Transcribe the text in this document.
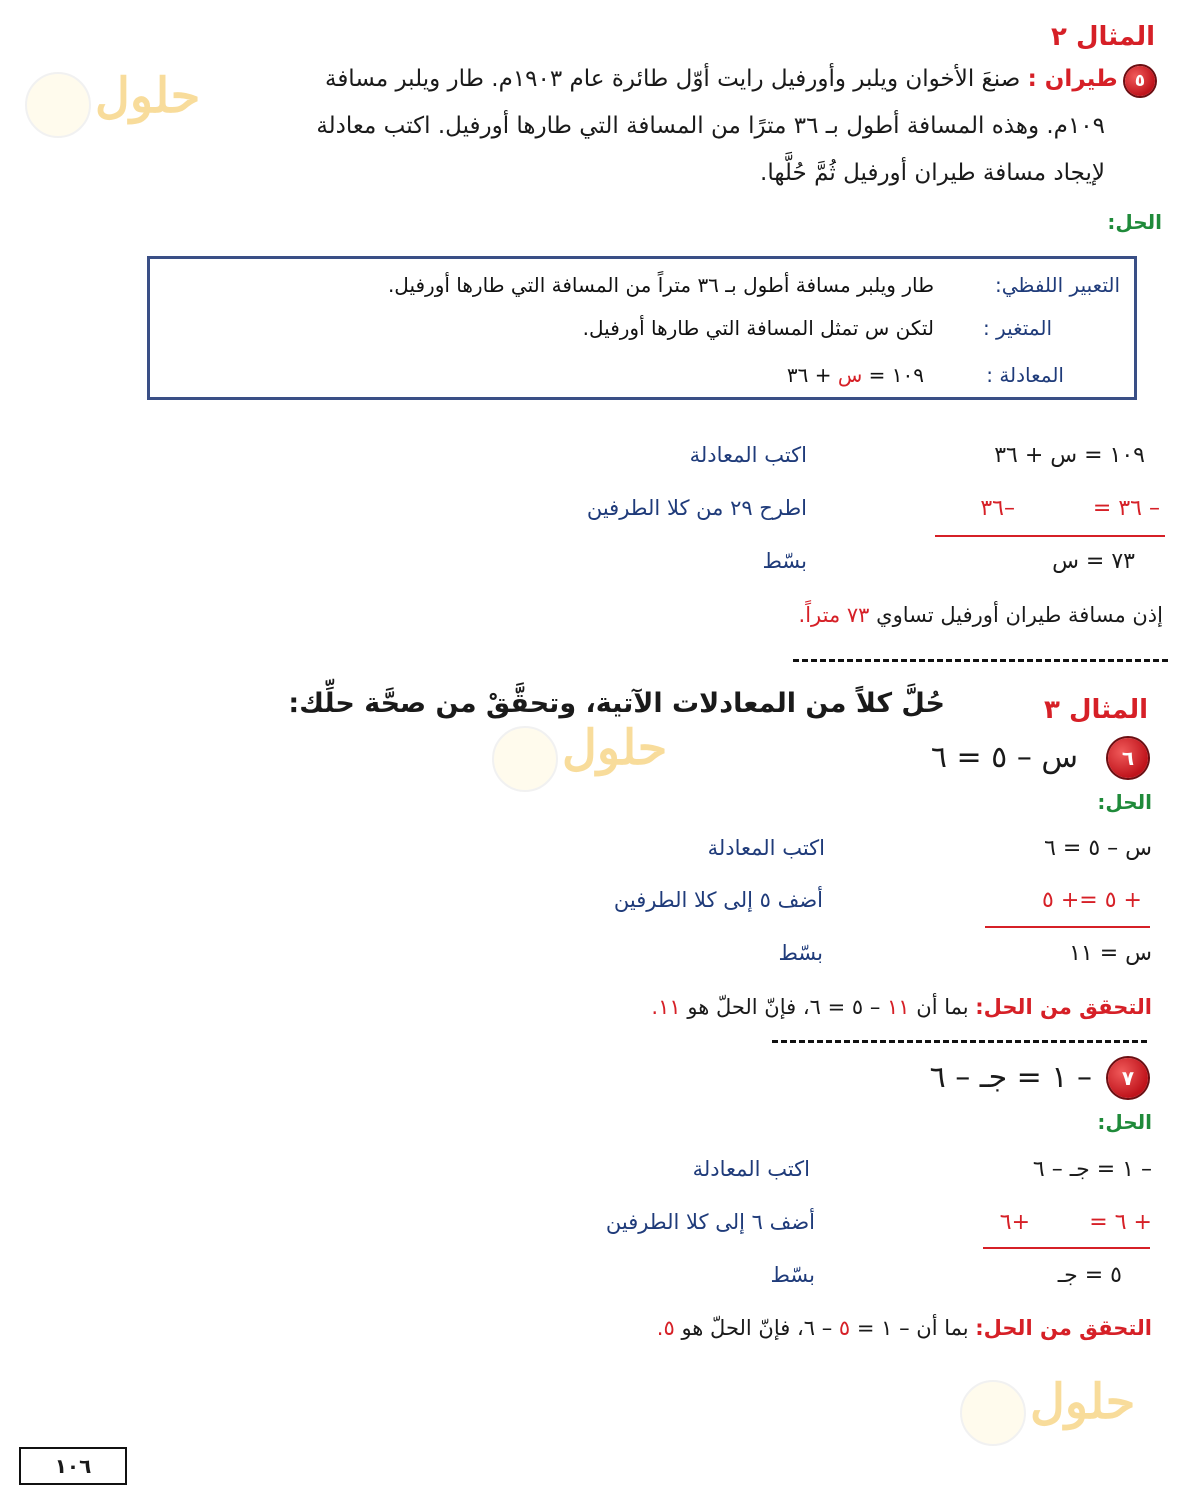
المثال ٢
٥ طيران : صنعَ الأخوان ويلبر وأورفيل رايت أوّل طائرة عام ١٩٠٣م. طار ويلبر مسافة
١٠٩م. وهذه المسافة أطول بـ ٣٦ مترًا من المسافة التي طارها أورفيل. اكتب معادلة
لإيجاد مسافة طيران أورفيل ثُمَّ حُلَّها.
الحل:
التعبير اللفظي:
طار ويلبر مسافة أطول بـ ٣٦ متراً من المسافة التي طارها أورفيل.
المتغير :
لتكن س تمثل المسافة التي طارها أورفيل.
المعادلة :
١٠٩ = س + ٣٦
١٠٩ = س + ٣٦
اكتب المعادلة
– ٣٦ =
–٣٦
اطرح ٢٩ من كلا الطرفين
٧٣ = س
بسّط
إذن مسافة طيران أورفيل تساوي ٧٣ متراً.
المثال ٣
حُلَّ كلاً من المعادلات الآتية، وتحقَّقْ من صحَّة حلِّك:
٦
س – ٥ = ٦
الحل:
س – ٥ = ٦
اكتب المعادلة
+ ٥ =+ ٥
أضف ٥ إلى كلا الطرفين
س = ١١
بسّط
التحقق من الحل: بما أن ١١ – ٥ = ٦، فإنّ الحلّ هو ١١.
٧
– ١ = جـ – ٦
الحل:
– ١ = جـ – ٦
اكتب المعادلة
+ ٦ =
+٦
أضف ٦ إلى كلا الطرفين
٥ = جـ
بسّط
التحقق من الحل: بما أن – ١ = ٥ – ٦، فإنّ الحلّ هو ٥.
حلول
حلول
حلول
١٠٦
